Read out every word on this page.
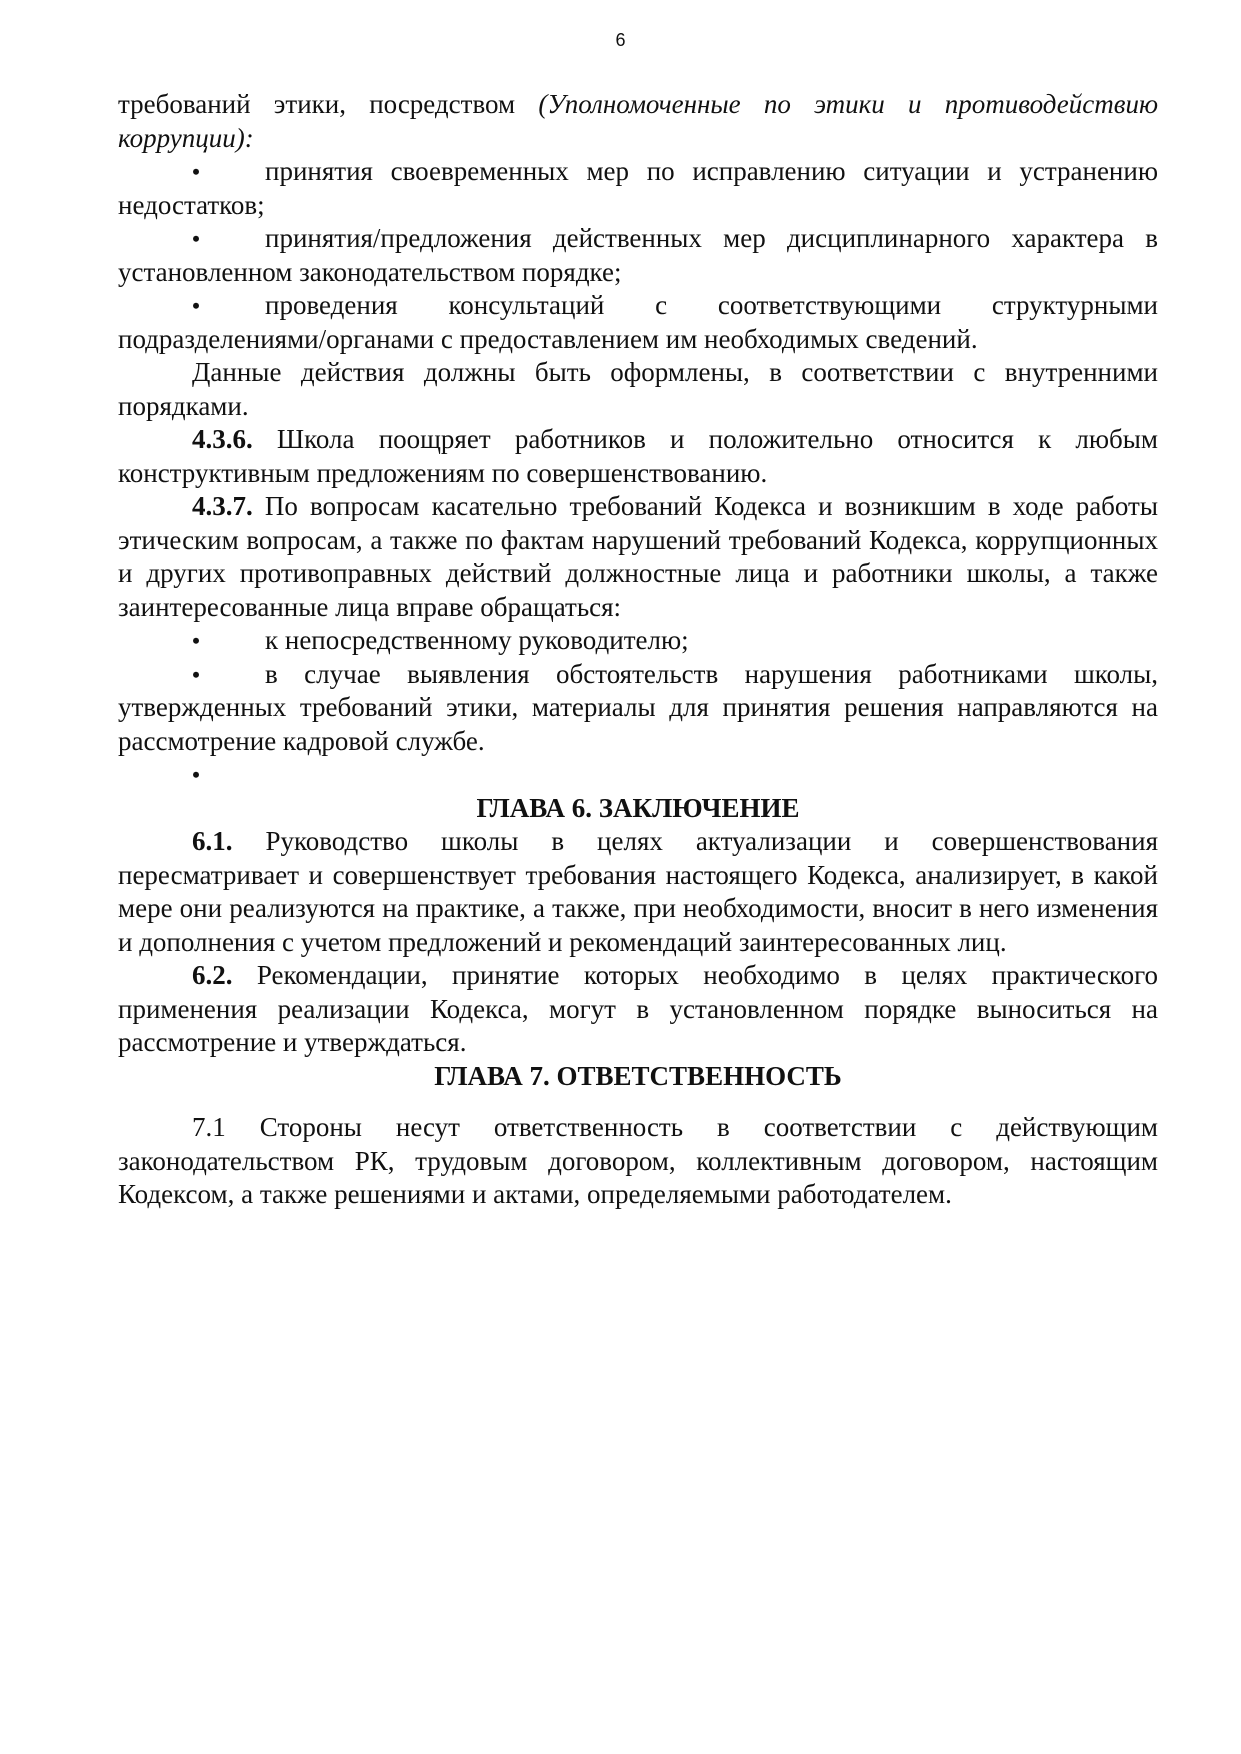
6

требований этики, посредством (Уполномоченные по этики и противодействию коррупции):

• принятия своевременных мер по исправлению ситуации и устранению недостатков;

• принятия/предложения действенных мер дисциплинарного характера в установленном законодательством порядке;

• проведения консультаций с соответствующими структурными подразделениями/органами с предоставлением им необходимых сведений.

Данные действия должны быть оформлены, в соответствии с внутренними порядками.

4.3.6. Школа поощряет работников и положительно относится к любым конструктивным предложениям по совершенствованию.

4.3.7. По вопросам касательно требований Кодекса и возникшим в ходе работы этическим вопросам, а также по фактам нарушений требований Кодекса, коррупционных и других противоправных действий должностные лица и работники школы, а также заинтересованные лица вправе обращаться:

• к непосредственному руководителю;

• в случае выявления обстоятельств нарушения работниками школы, утвержденных требований этики, материалы для принятия решения направляются на рассмотрение кадровой службе.

•

ГЛАВА 6. ЗАКЛЮЧЕНИЕ

6.1. Руководство школы в целях актуализации и совершенствования пересматривает и совершенствует требования настоящего Кодекса, анализирует, в какой мере они реализуются на практике, а также, при необходимости, вносит в него изменения и дополнения с учетом предложений и рекомендаций заинтересованных лиц.

6.2. Рекомендации, принятие которых необходимо в целях практического применения реализации Кодекса, могут в установленном порядке выноситься на рассмотрение и утверждаться.

ГЛАВА 7. ОТВЕТСТВЕННОСТЬ

7.1 Стороны несут ответственность в соответствии с действующим законодательством РК, трудовым договором, коллективным договором, настоящим Кодексом, а также решениями и актами, определяемыми работодателем.
